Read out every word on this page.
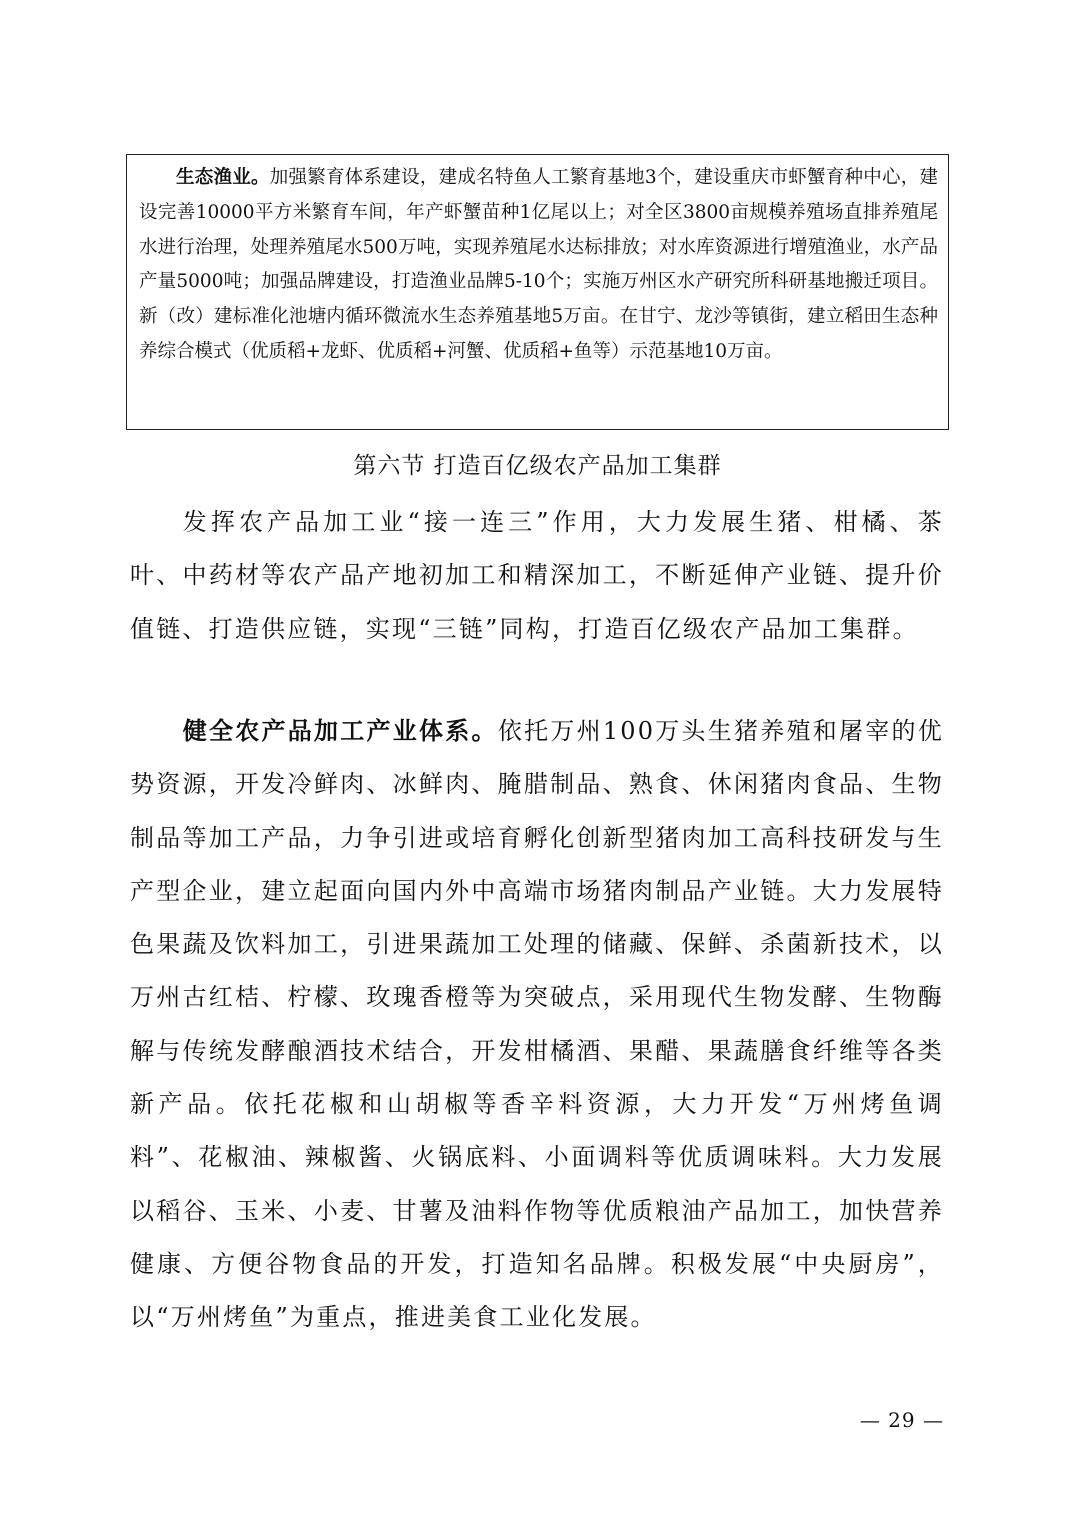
生态渔业。加强繁育体系建设，建成名特鱼人工繁育基地3个，建设重庆市虾蟹育种中心，建设完善10000平方米繁育车间，年产虾蟹苗种1亿尾以上；对全区3800亩规模养殖场直排养殖尾水进行治理，处理养殖尾水500万吨，实现养殖尾水达标排放；对水库资源进行增殖渔业，水产品产量5000吨；加强品牌建设，打造渔业品牌5-10个；实施万州区水产研究所科研基地搬迁项目。新（改）建标准化池塘内循环微流水生态养殖基地5万亩。在甘宁、龙沙等镇街，建立稻田生态种养综合模式（优质稻+龙虾、优质稻+河蟹、优质稻+鱼等）示范基地10万亩。

第六节 打造百亿级农产品加工集群

发挥农产品加工业“接一连三”作用，大力发展生猪、柑橘、茶叶、中药材等农产品产地初加工和精深加工，不断延伸产业链、提升价值链、打造供应链，实现“三链”同构，打造百亿级农产品加工集群。

健全农产品加工产业体系。依托万州100万头生猪养殖和屠宰的优势资源，开发冷鲜肉、冰鲜肉、腌腊制品、熟食、休闲猪肉食品、生物制品等加工产品，力争引进或培育孵化创新型猪肉加工高科技研发与生产型企业，建立起面向国内外中高端市场猪肉制品产业链。大力发展特色果蔬及饮料加工，引进果蔬加工处理的储藏、保鲜、杀菌新技术，以万州古红桔、柠檬、玫瑰香橙等为突破点，采用现代生物发酵、生物酶解与传统发酵酿酒技术结合，开发柑橘酒、果醋、果蔬膳食纤维等各类新产品。依托花椒和山胡椒等香辛料资源，大力开发“万州烤鱼调料”、花椒油、辣椒酱、火锅底料、小面调料等优质调味料。大力发展以稻谷、玉米、小麦、甘薯及油料作物等优质粮油产品加工，加快营养健康、方便谷物食品的开发，打造知名品牌。积极发展“中央厨房”，以“万州烤鱼”为重点，推进美食工业化发展。

— 29 —
